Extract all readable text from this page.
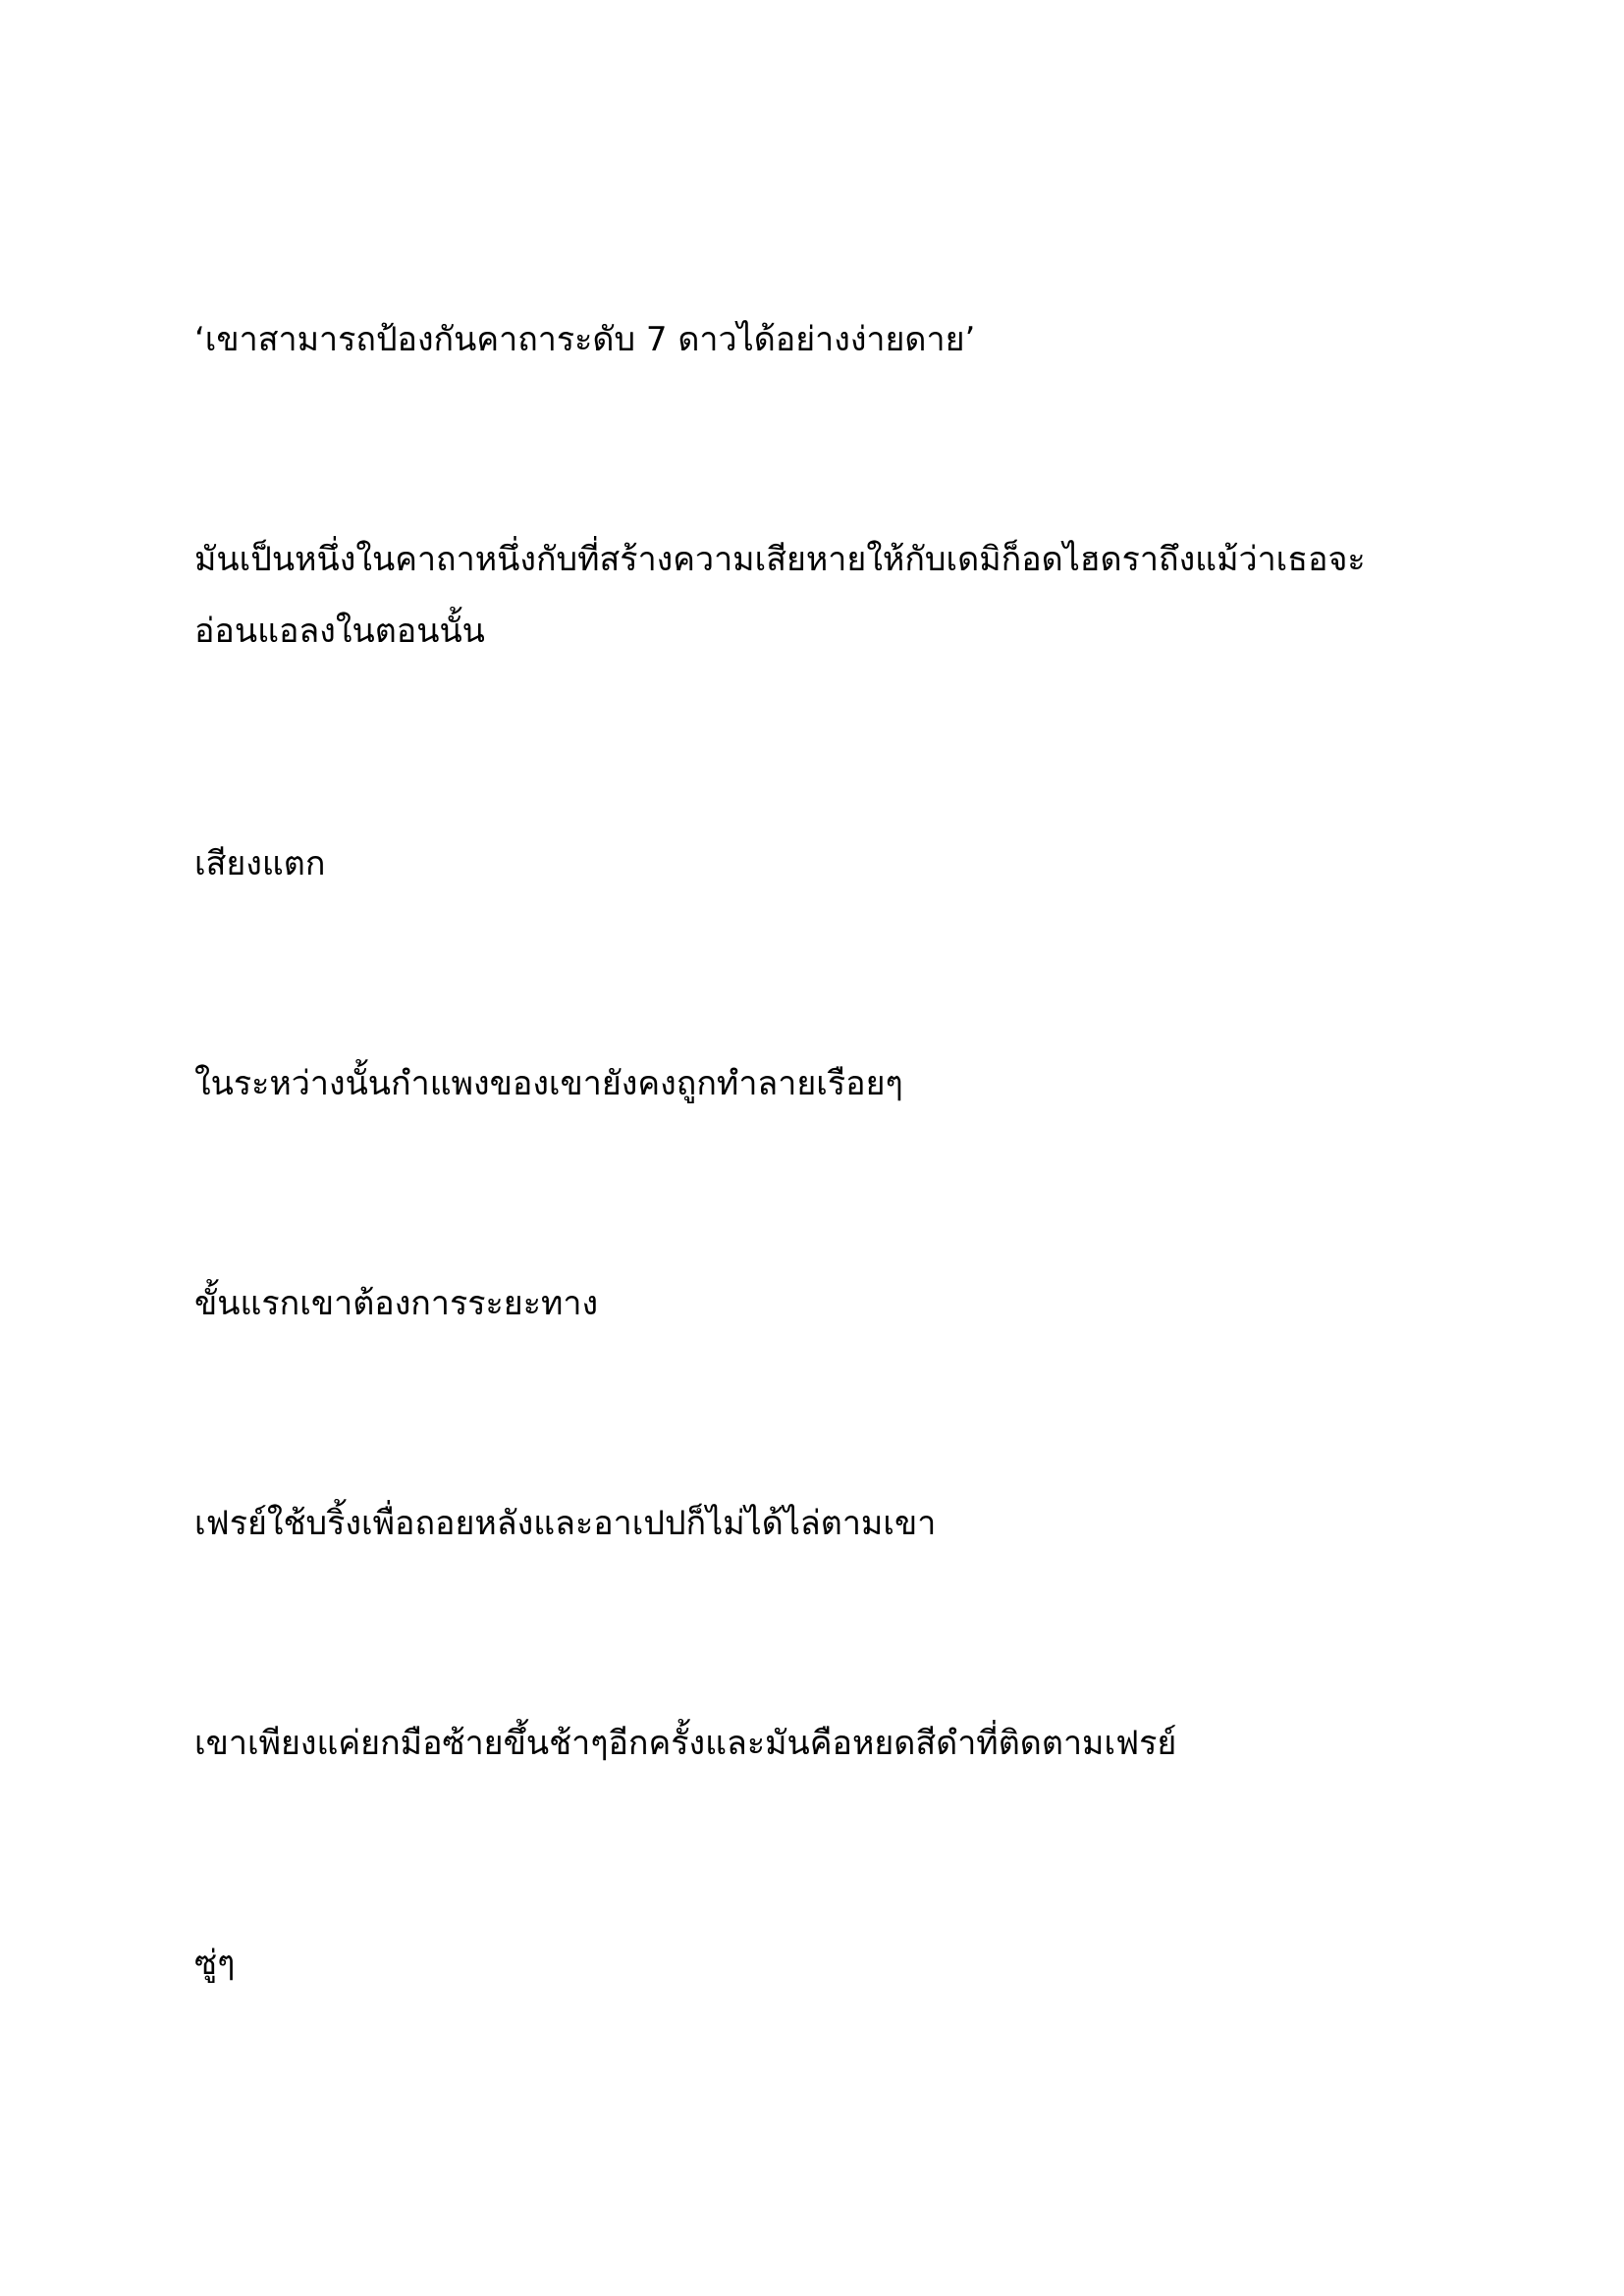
‘เขาสามารถป้องกันคาถาระดับ 7 ดาวได้อย่างง่ายดาย’

มันเป็นหนึ่งในคาถาหนึ่งกับที่สร้างความเสียหายให้กับเดมิก็อดไฮดราถึงแม้ว่าเธอจะอ่อนแอลงในตอนนั้น

เสียงแตก

ในระหว่างนั้นกำแพงของเขายังคงถูกทำลายเรือยๆ

ขั้นแรกเขาต้องการระยะทาง

เฟรย์ใช้บริ้งเพื่อถอยหลังและอาเปปก็ไม่ได้ไล่ตามเขา

เขาเพียงแค่ยกมือซ้ายขึ้นช้าๆอีกครั้งและมันคือหยดสีดำที่ติดตามเฟรย์

ซู่ๆ
